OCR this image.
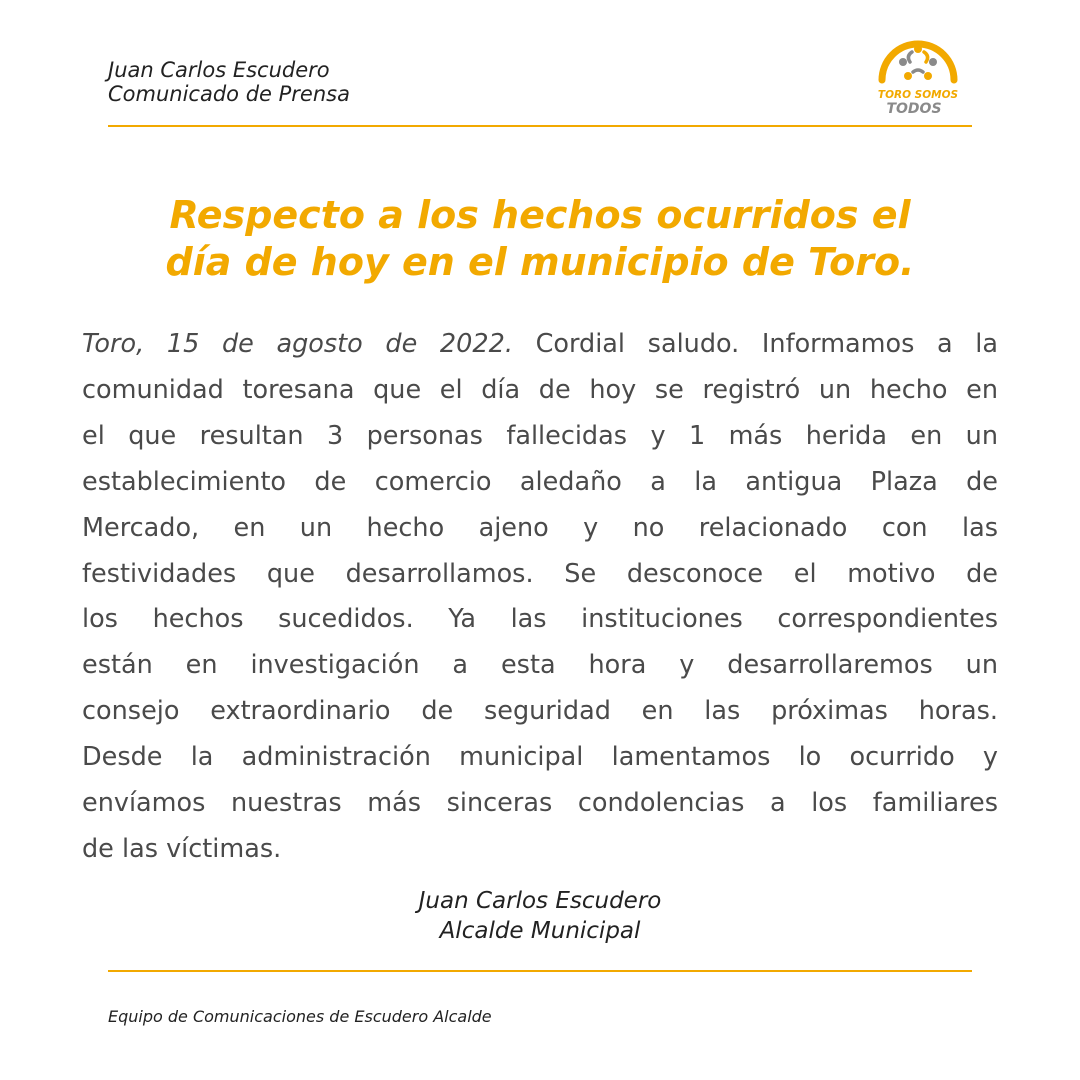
Juan Carlos Escudero
Comunicado de Prensa	TORO SOMOS
TODOS
Respecto a los hechos ocurridos el
día de hoy en el municipio de Toro.
Toro, 15 de agosto de 2022. Cordial saludo. Informamos a la
comunidad toresana que el día de hoy se registró un hecho en
el que resultan 3 personas fallecidas y 1 más herida en un
establecimiento de comercio aledaño a la antigua Plaza de
Mercado, en un hecho ajeno y no relacionado con las
festividades que desarrollamos. Se desconoce el motivo de
los hechos sucedidos. Ya las instituciones correspondientes
están en investigación a esta hora y desarrollaremos un
consejo extraordinario de seguridad en las próximas horas.
Desde la administración municipal lamentamos lo ocurrido y
envíamos nuestras más sinceras condolencias a los familiares
de las víctimas.
Juan Carlos Escudero
Alcalde Municipal
Equipo de Comunicaciones de Escudero Alcalde
